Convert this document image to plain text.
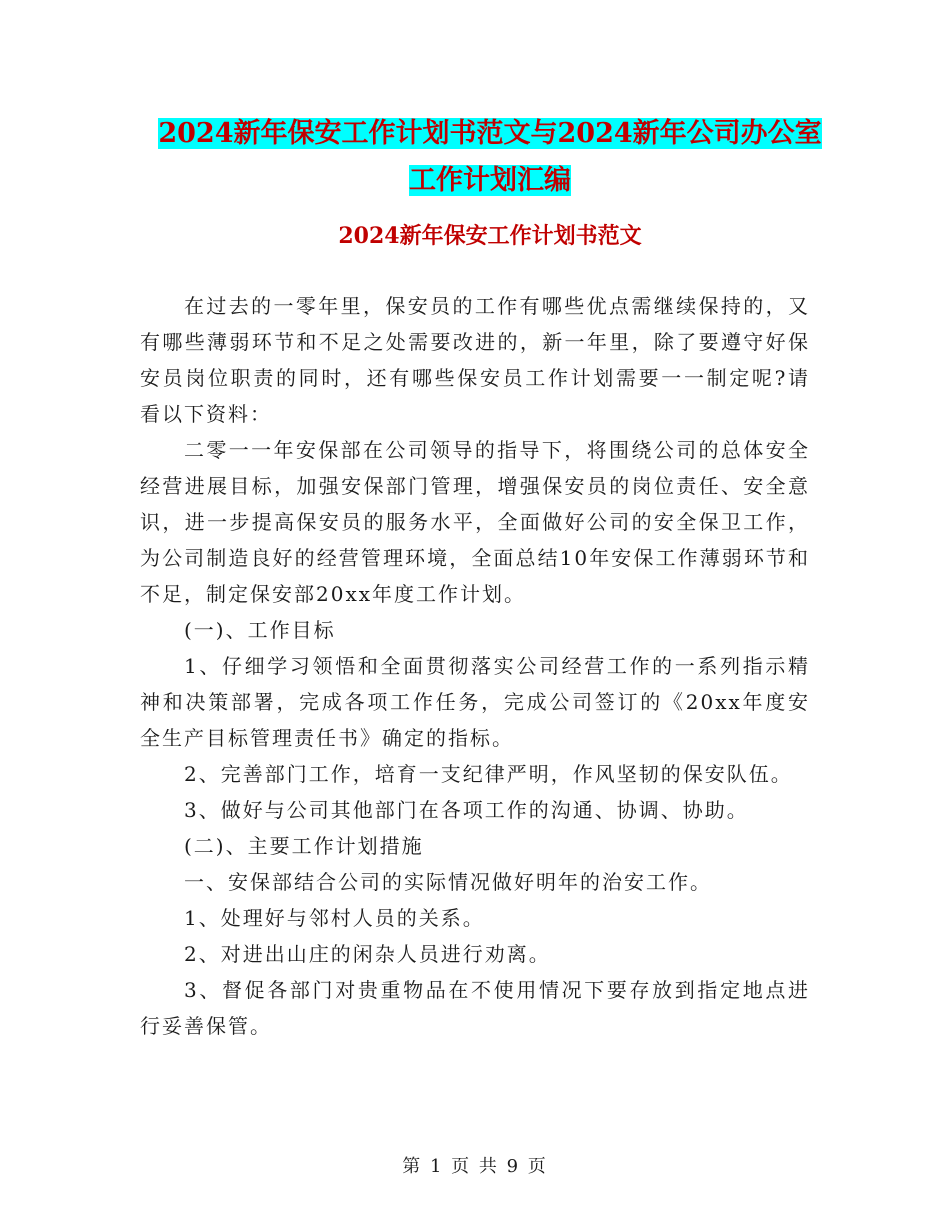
2024新年保安工作计划书范文与2024新年公司办公室
工作计划汇编
2024新年保安工作计划书范文

在过去的一零年里，保安员的工作有哪些优点需继续保持的，又有哪些薄弱环节和不足之处需要改进的，新一年里，除了要遵守好保安员岗位职责的同时，还有哪些保安员工作计划需要一一制定呢?请看以下资料：

二零一一年安保部在公司领导的指导下，将围绕公司的总体安全经营进展目标，加强安保部门管理，增强保安员的岗位责任、安全意识，进一步提高保安员的服务水平，全面做好公司的安全保卫工作，为公司制造良好的经营管理环境，全面总结10年安保工作薄弱环节和不足，制定保安部20xx年度工作计划。

(一)、工作目标

1、仔细学习领悟和全面贯彻落实公司经营工作的一系列指示精神和决策部署，完成各项工作任务，完成公司签订的《20xx年度安全生产目标管理责任书》确定的指标。

2、完善部门工作，培育一支纪律严明，作风坚韧的保安队伍。

3、做好与公司其他部门在各项工作的沟通、协调、协助。

(二)、主要工作计划措施

一、安保部结合公司的实际情况做好明年的治安工作。

1、处理好与邻村人员的关系。

2、对进出山庄的闲杂人员进行劝离。

3、督促各部门对贵重物品在不使用情况下要存放到指定地点进行妥善保管。

第 1 页 共 9 页
